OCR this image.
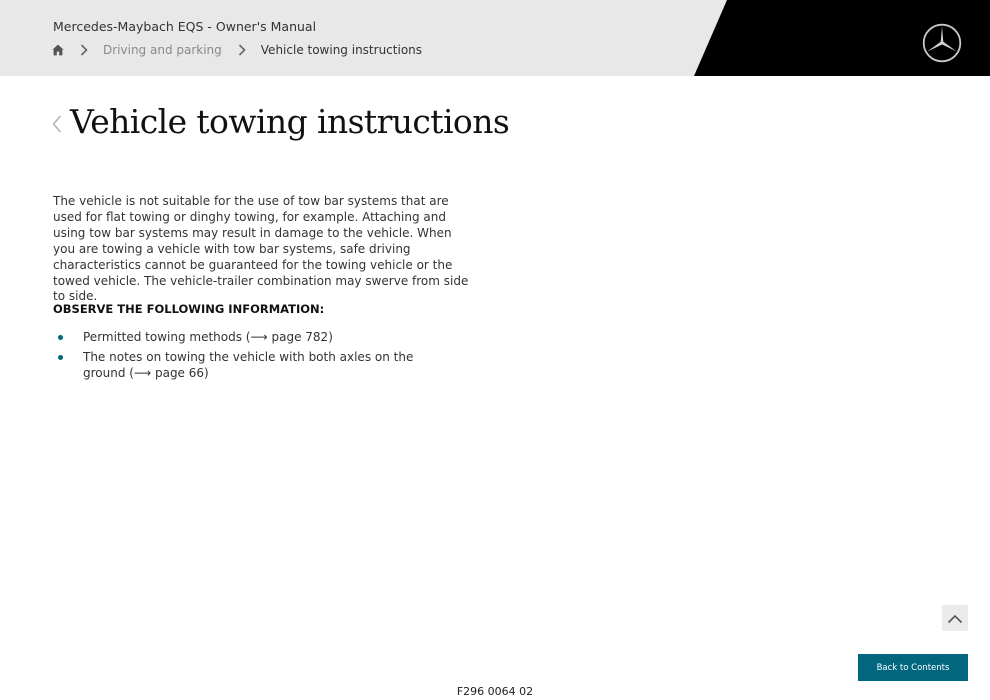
Mercedes-Maybach EQS - Owner's Manual
Driving and parking	Vehicle towing instructions
Vehicle towing instructions

The vehicle is not suitable for the use of tow bar systems that are used for flat towing or dinghy towing, for example. Attaching and using tow bar systems may result in damage to the vehicle. When you are towing a vehicle with tow bar systems, safe driving characteristics cannot be guaranteed for the towing vehicle or the towed vehicle. The vehicle-trailer combination may swerve from side to side.

OBSERVE THE FOLLOWING INFORMATION:
Permitted towing methods (⟶ page 782)
The notes on towing the vehicle with both axles on the ground (⟶ page 66)
Back to Contents
F296 0064 02
